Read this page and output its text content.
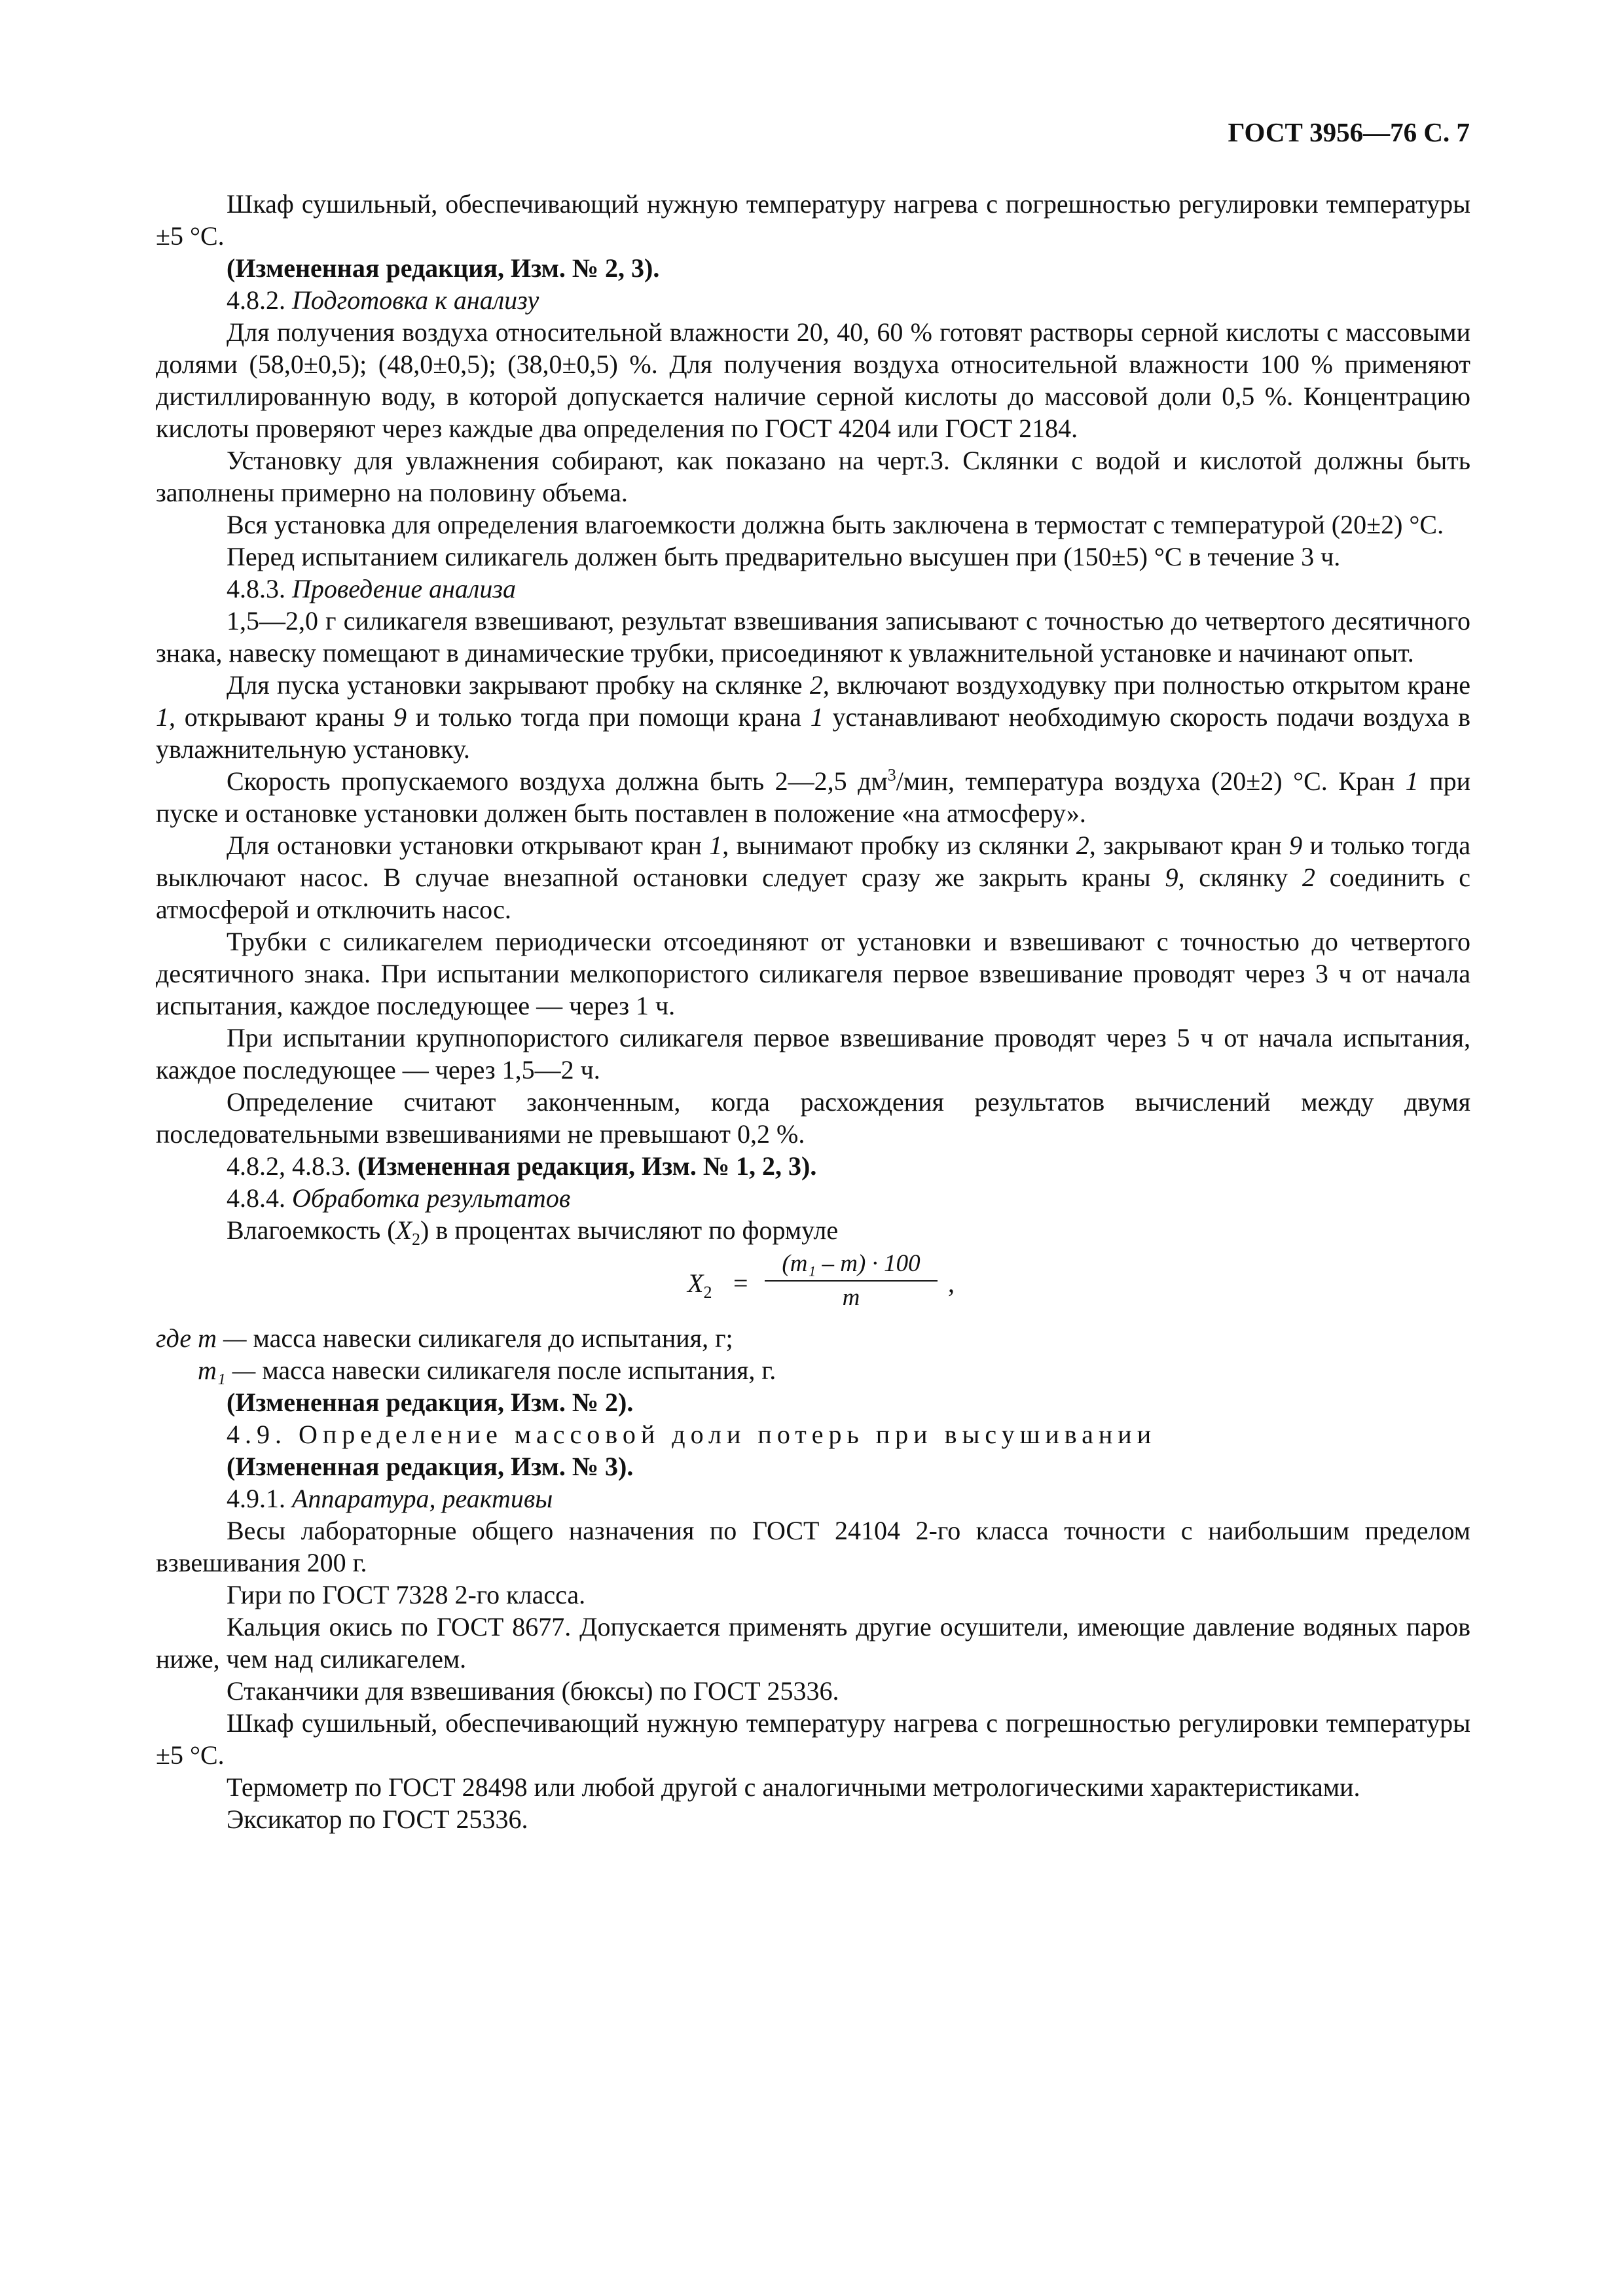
ГОСТ 3956—76 С. 7

Шкаф сушильный, обеспечивающий нужную температуру нагрева с погрешностью регулировки температуры ±5 °С.

(Измененная редакция, Изм. № 2, 3).

4.8.2. Подготовка к анализу

Для получения воздуха относительной влажности 20, 40, 60 % готовят растворы серной кислоты с массовыми долями (58,0±0,5); (48,0±0,5); (38,0±0,5) %. Для получения воздуха относительной влажности 100 % применяют дистиллированную воду, в которой допускается наличие серной кислоты до массовой доли 0,5 %. Концентрацию кислоты проверяют через каждые два определения по ГОСТ 4204 или ГОСТ 2184.

Установку для увлажнения собирают, как показано на черт.3. Склянки с водой и кислотой должны быть заполнены примерно на половину объема.

Вся установка для определения влагоемкости должна быть заключена в термостат с температурой (20±2) °С.

Перед испытанием силикагель должен быть предварительно высушен при (150±5) °С в течение 3 ч.

4.8.3. Проведение анализа

1,5—2,0 г силикагеля взвешивают, результат взвешивания записывают с точностью до четвертого десятичного знака, навеску помещают в динамические трубки, присоединяют к увлажнительной установке и начинают опыт.

Для пуска установки закрывают пробку на склянке 2, включают воздуходувку при полностью открытом кране 1, открывают краны 9 и только тогда при помощи крана 1 устанавливают необходимую скорость подачи воздуха в увлажнительную установку.

Скорость пропускаемого воздуха должна быть 2—2,5 $дм^3$/мин, температура воздуха (20±2) °С. Кран 1 при пуске и остановке установки должен быть поставлен в положение «на атмосферу».

Для остановки установки открывают кран 1, вынимают пробку из склянки 2, закрывают кран 9 и только тогда выключают насос. В случае внезапной остановки следует сразу же закрыть краны 9, склянку 2 соединить с атмосферой и отключить насос.

Трубки с силикагелем периодически отсоединяют от установки и взвешивают с точностью до четвертого десятичного знака. При испытании мелкопористого силикагеля первое взвешивание проводят через 3 ч от начала испытания, каждое последующее — через 1 ч.

При испытании крупнопористого силикагеля первое взвешивание проводят через 5 ч от начала испытания, каждое последующее — через 1,5—2 ч.

Определение считают законченным, когда расхождения результатов вычислений между двумя последовательными взвешиваниями не превышают 0,2 %.

4.8.2, 4.8.3. (Измененная редакция, Изм. № 1, 2, 3).

4.8.4. Обработка результатов

Влагоемкость $(X_2)$ в процентах вычисляют по формуле

$X_2$ =
(m₁ – m) · 100
m	,

где m — масса навески силикагеля до испытания, г;

m₁ — масса навески силикагеля после испытания, г.

(Измененная редакция, Изм. № 2).

4.9. Определение массовой доли потерь при высушивании

(Измененная редакция, Изм. № 3).

4.9.1. Аппаратура, реактивы

Весы лабораторные общего назначения по ГОСТ 24104 2-го класса точности с наибольшим пределом взвешивания 200 г.

Гири по ГОСТ 7328 2-го класса.

Кальция окись по ГОСТ 8677. Допускается применять другие осушители, имеющие давление водяных паров ниже, чем над силикагелем.

Стаканчики для взвешивания (бюксы) по ГОСТ 25336.

Шкаф сушильный, обеспечивающий нужную температуру нагрева с погрешностью регулировки температуры ±5 °С.

Термометр по ГОСТ 28498 или любой другой с аналогичными метрологическими характеристиками.

Эксикатор по ГОСТ 25336.
